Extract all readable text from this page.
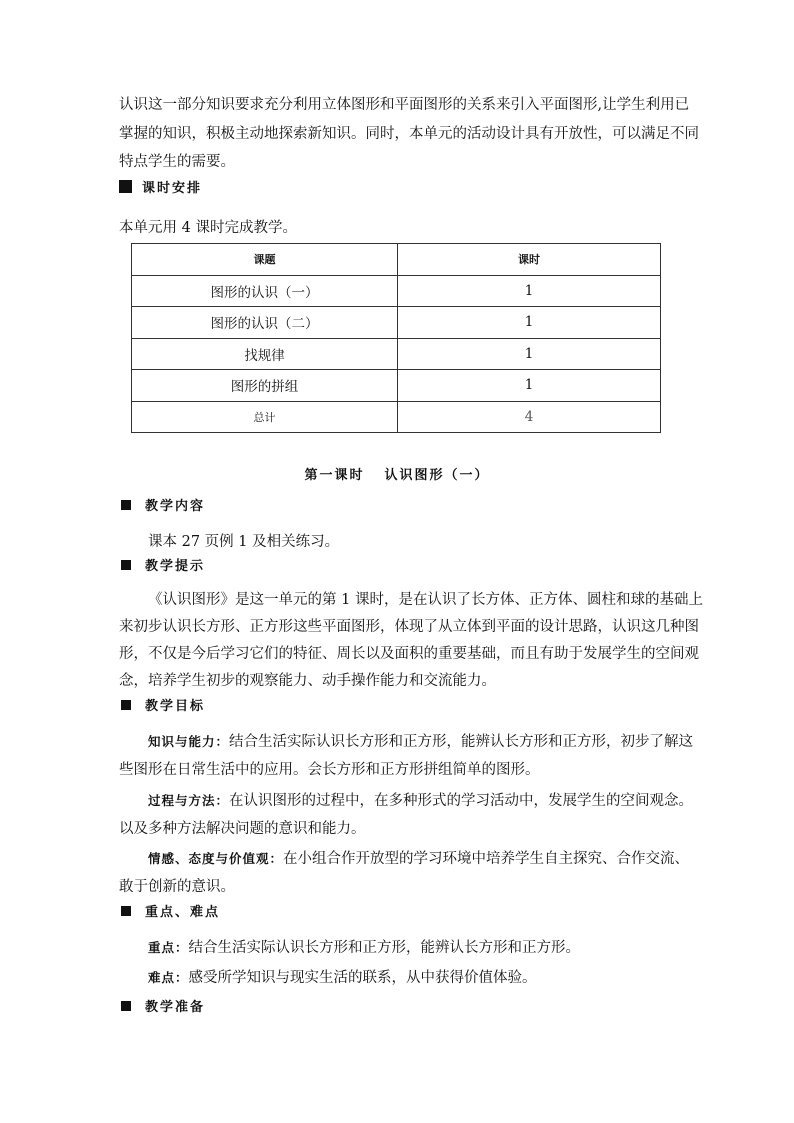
认识这一部分知识要求充分利用立体图形和平面图形的关系来引入平面图形,让学生利用已
掌握的知识，积极主动地探索新知识。同时，本单元的活动设计具有开放性，可以满足不同
特点学生的需要。
课时安排
本单元用 4 课时完成教学。
课题	课时
图形的认识（一）	1
图形的认识（二）	1
找规律	1
图形的拼组	1
总计	4
第一课时 认识图形（一）
教学内容
课本 27 页例 1 及相关练习。
教学提示
《认识图形》是这一单元的第 1 课时，是在认识了长方体、正方体、圆柱和球的基础上
来初步认识长方形、正方形这些平面图形，体现了从立体到平面的设计思路，认识这几种图
形，不仅是今后学习它们的特征、周长以及面积的重要基础，而且有助于发展学生的空间观
念，培养学生初步的观察能力、动手操作能力和交流能力。
教学目标
知识与能力：结合生活实际认识长方形和正方形，能辨认长方形和正方形，初步了解这
些图形在日常生活中的应用。会长方形和正方形拼组简单的图形。
过程与方法：在认识图形的过程中，在多种形式的学习活动中，发展学生的空间观念。
以及多种方法解决问题的意识和能力。
情感、态度与价值观：在小组合作开放型的学习环境中培养学生自主探究、合作交流、
敢于创新的意识。
重点、难点
重点：结合生活实际认识长方形和正方形，能辨认长方形和正方形。
难点：感受所学知识与现实生活的联系，从中获得价值体验。
教学准备
